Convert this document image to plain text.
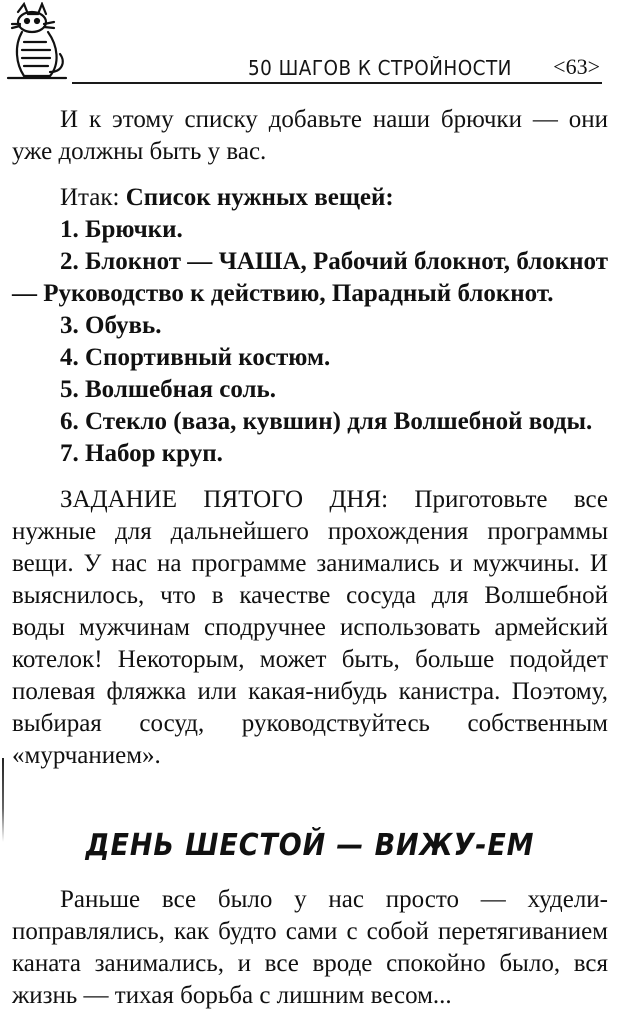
50 ШАГОВ К СТРОЙНОСТИ <63>

И к этому списку добавьте наши брючки — они уже должны быть у вас.

Итак: Список нужных вещей:

1. Брючки.
2. Блокнот — ЧАША, Рабочий блокнот, блокнот — Руководство к действию, Парадный блокнот.
3. Обувь.
4. Спортивный костюм.
5. Волшебная соль.
6. Стекло (ваза, кувшин) для Волшебной воды.
7. Набор круп.

ЗАДАНИЕ ПЯТОГО ДНЯ: Приготовьте все нужные для дальнейшего прохождения программы вещи. У нас на программе занимались и мужчины. И выяснилось, что в качестве сосуда для Волшебной воды мужчинам сподручнее использовать армейский котелок! Некоторым, может быть, больше подойдет полевая фляжка или какая-нибудь канистра. Поэтому, выбирая сосуд, руководствуйтесь собственным «мурчанием».

ДЕНЬ ШЕСТОЙ — ВИЖУ-ЕМ

Раньше все было у нас просто — худели-поправлялись, как будто сами с собой перетягиванием каната занимались, и все вроде спокойно было, вся жизнь — тихая борьба с лишним весом...
